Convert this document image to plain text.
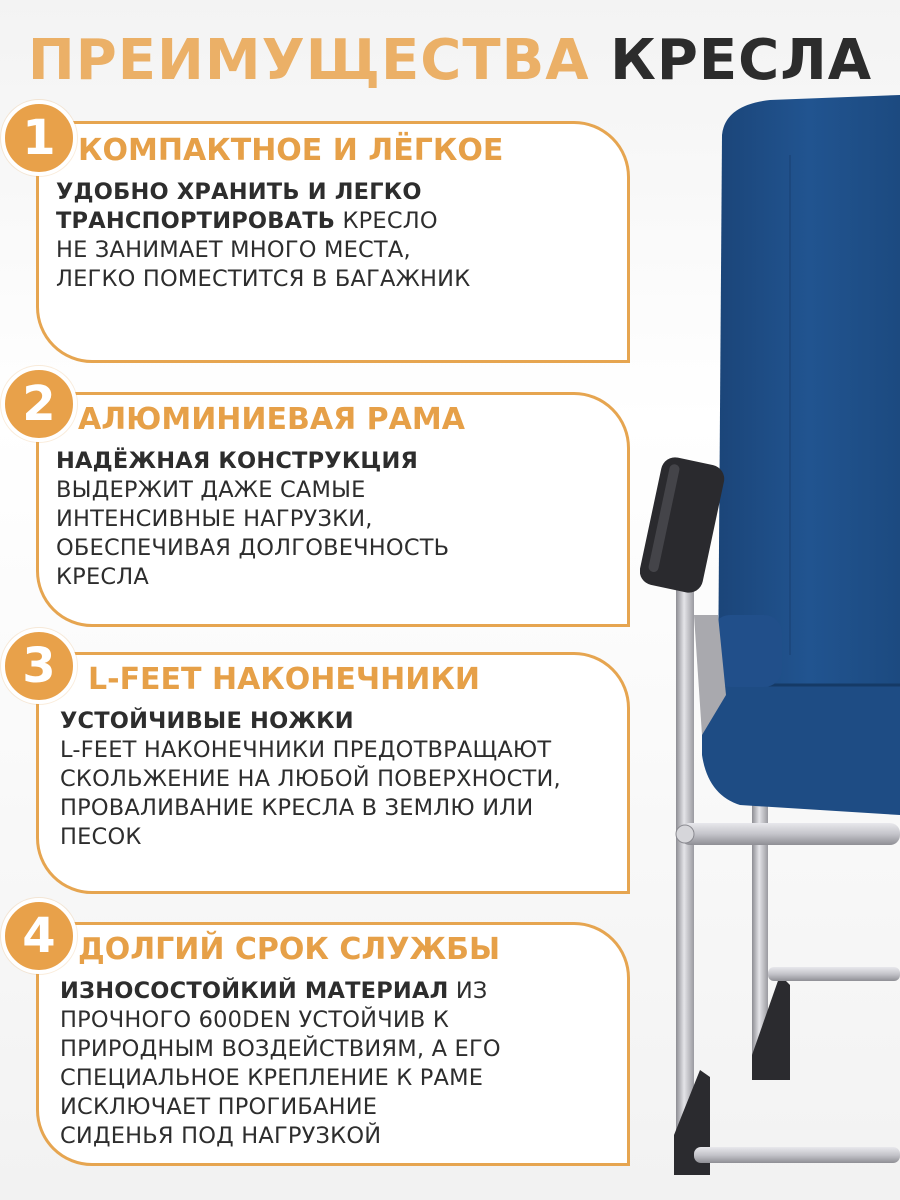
ПРЕИМУЩЕСТВА КРЕСЛА
1 КОМПАКТНОЕ И ЛЁГКОЕ
УДОБНО ХРАНИТЬ И ЛЕГКО
ТРАНСПОРТИРОВАТЬ КРЕСЛО
НЕ ЗАНИМАЕТ МНОГО МЕСТА,
ЛЕГКО ПОМЕСТИТСЯ В БАГАЖНИК
2 АЛЮМИНИЕВАЯ РАМА
НАДЁЖНАЯ КОНСТРУКЦИЯ
ВЫДЕРЖИТ ДАЖЕ САМЫЕ
ИНТЕНСИВНЫЕ НАГРУЗКИ,
ОБЕСПЕЧИВАЯ ДОЛГОВЕЧНОСТЬ
КРЕСЛА
3	L-FEET НАКОНЕЧНИКИ
УСТОЙЧИВЫЕ НОЖКИ
L-FEET НАКОНЕЧНИКИ ПРЕДОТВРАЩАЮТ
СКОЛЬЖЕНИЕ НА ЛЮБОЙ ПОВЕРХНОСТИ,
ПРОВАЛИВАНИЕ КРЕСЛА В ЗЕМЛЮ ИЛИ
ПЕСОК
4 ДОЛГИЙ СРОК СЛУЖБЫ
ИЗНОСОСТОЙКИЙ МАТЕРИАЛ ИЗ
ПРОЧНОГО 600DEN УСТОЙЧИВ К
ПРИРОДНЫМ ВОЗДЕЙСТВИЯМ, А ЕГО
СПЕЦИАЛЬНОЕ КРЕПЛЕНИЕ К РАМЕ
ИСКЛЮЧАЕТ ПРОГИБАНИЕ
СИДЕНЬЯ ПОД НАГРУЗКОЙ
